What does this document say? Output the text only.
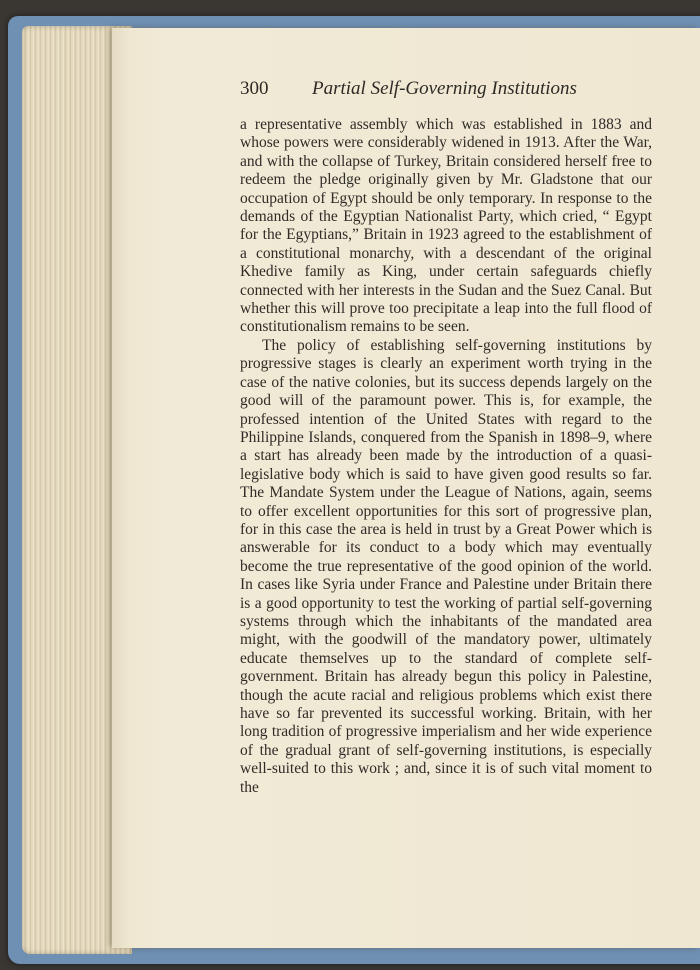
300 Partial Self-Governing Institutions

a representative assembly which was established in 1883 and whose powers were considerably widened in 1913. After the War, and with the collapse of Turkey, Britain considered herself free to redeem the pledge originally given by Mr. Gladstone that our occupation of Egypt should be only temporary. In response to the demands of the Egyptian Nationalist Party, which cried, “ Egypt for the Egyptians,” Britain in 1923 agreed to the establishment of a constitutional monarchy, with a descendant of the original Khedive family as King, under certain safeguards chiefly connected with her interests in the Sudan and the Suez Canal. But whether this will prove too precipitate a leap into the full flood of constitutionalism remains to be seen.

The policy of establishing self-governing institutions by progressive stages is clearly an experiment worth trying in the case of the native colonies, but its success depends largely on the good will of the paramount power. This is, for example, the professed intention of the United States with regard to the Philippine Islands, conquered from the Spanish in 1898–9, where a start has already been made by the introduction of a quasi-legislative body which is said to have given good results so far. The Mandate System under the League of Nations, again, seems to offer excellent opportunities for this sort of progressive plan, for in this case the area is held in trust by a Great Power which is answerable for its conduct to a body which may eventually become the true representative of the good opinion of the world. In cases like Syria under France and Palestine under Britain there is a good opportunity to test the working of partial self-governing systems through which the inhabitants of the mandated area might, with the goodwill of the mandatory power, ultimately educate themselves up to the standard of complete self-government. Britain has already begun this policy in Palestine, though the acute racial and religious problems which exist there have so far prevented its successful working. Britain, with her long tradition of progressive imperialism and her wide experience of the gradual grant of self-governing institutions, is especially well-suited to this work ; and, since it is of such vital moment to the
